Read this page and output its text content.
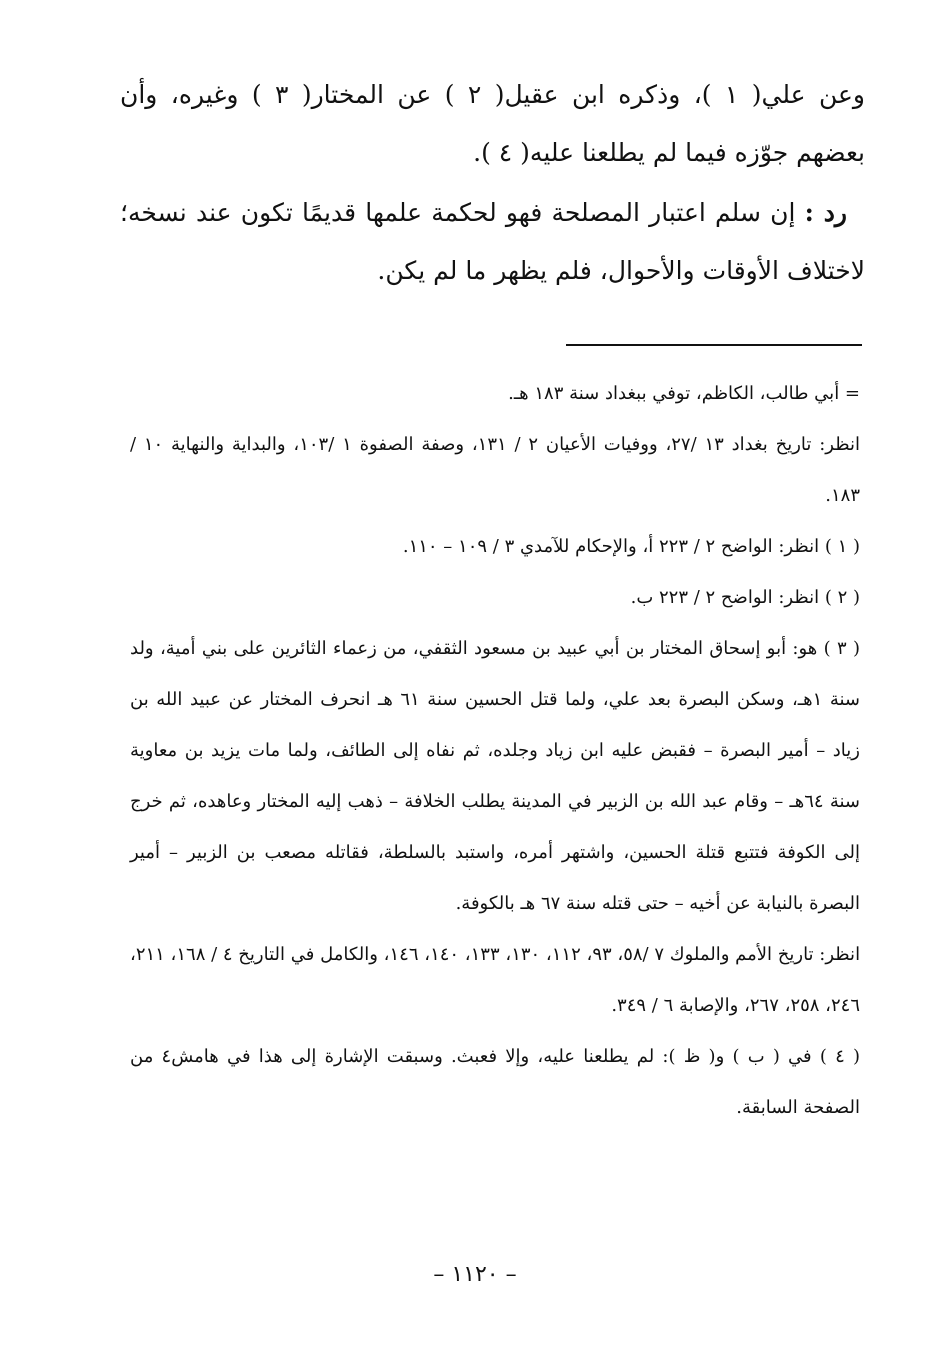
وعن علي( ١ )، وذكره ابن عقيل( ٢ ) عن المختار( ٣ ) وغيره، وأن بعضهم جوّزه فيما لم يطلعنا عليه( ٤ ).

رد : إن سلم اعتبار المصلحة فهو لحكمة علمها قديمًا تكون عند نسخه؛ لاختلاف الأوقات والأحوال، فلم يظهر ما لم يكن.

= أبي طالب، الكاظم، توفي ببغداد سنة ١٨٣ هـ.

انظر: تاريخ بغداد ١٣ /٢٧، ووفيات الأعيان ٢ / ١٣١، وصفة الصفوة ١ /١٠٣، والبداية والنهاية ١٠ / ١٨٣.

( ١ ) انظر: الواضح ٢ / ٢٢٣ أ، والإحكام للآمدي ٣ / ١٠٩ – ١١٠.

( ٢ ) انظر: الواضح ٢ / ٢٢٣ ب.

( ٣ ) هو: أبو إسحاق المختار بن أبي عبيد بن مسعود الثقفي، من زعماء الثائرين على بني أمية، ولد سنة ١هـ، وسكن البصرة بعد علي، ولما قتل الحسين سنة ٦١ هـ انحرف المختار عن عبيد الله بن زياد – أمير البصرة – فقبض عليه ابن زياد وجلده، ثم نفاه إلى الطائف، ولما مات يزيد بن معاوية سنة ٦٤هـ – وقام عبد الله بن الزبير في المدينة يطلب الخلافة – ذهب إليه المختار وعاهده، ثم خرج إلى الكوفة فتتبع قتلة الحسين، واشتهر أمره، واستبد بالسلطة، فقاتله مصعب بن الزبير – أمير البصرة بالنيابة عن أخيه – حتى قتله سنة ٦٧ هـ بالكوفة.

انظر: تاريخ الأمم والملوك ٧ /٥٨، ٩٣، ١١٢، ١٣٠، ١٣٣، ١٤٠، ١٤٦، والكامل في التاريخ ٤ / ١٦٨، ٢١١، ٢٤٦، ٢٥٨، ٢٦٧، والإصابة ٦ / ٣٤٩.

( ٤ ) في ( ب ) و( ظ ): لم يطلعنا عليه، وإلا فعبث. وسبقت الإشارة إلى هذا في هامش٤ من الصفحة السابقة.

– ١١٢٠ –
